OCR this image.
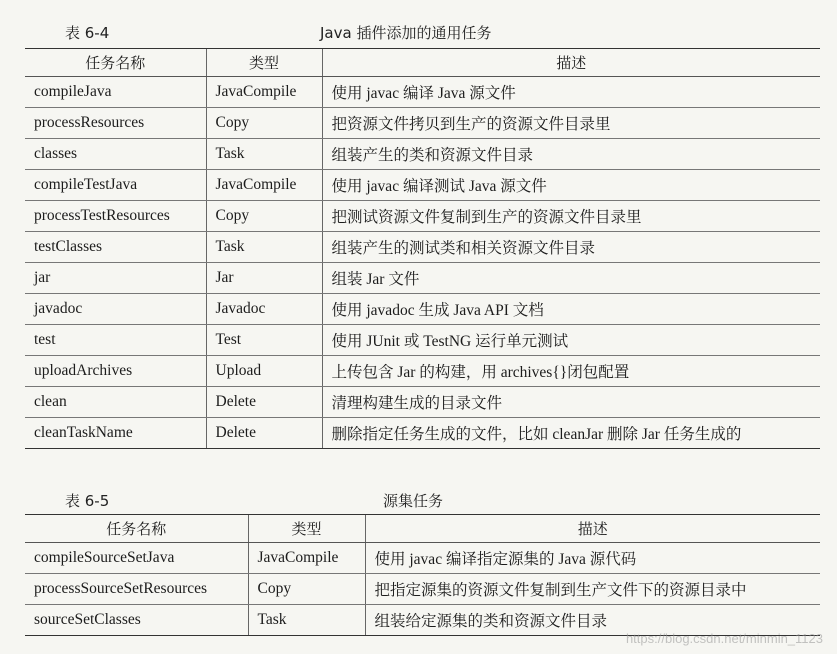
表 6-4	Java 插件添加的通用任务
任务名称	类型	描述
compileJava	JavaCompile	使用 javac 编译 Java 源文件
processResources	Copy	把资源文件拷贝到生产的资源文件目录里
classes	Task	组装产生的类和资源文件目录
compileTestJava	JavaCompile	使用 javac 编译测试 Java 源文件
processTestResources	Copy	把测试资源文件复制到生产的资源文件目录里
testClasses	Task	组装产生的测试类和相关资源文件目录
jar	Jar	组装 Jar 文件
javadoc	Javadoc	使用 javadoc 生成 Java API 文档
test	Test	使用 JUnit 或 TestNG 运行单元测试
uploadArchives	Upload	上传包含 Jar 的构建，用 archives{}闭包配置
clean	Delete	清理构建生成的目录文件
cleanTaskName	Delete	删除指定任务生成的文件，比如 cleanJar 删除 Jar 任务生成的
表 6-5	源集任务
任务名称	类型	描述
compileSourceSetJava	JavaCompile	使用 javac 编译指定源集的 Java 源代码
processSourceSetResources	Copy	把指定源集的资源文件复制到生产文件下的资源目录中
sourceSetClasses	Task	组装给定源集的类和资源文件目录
https://blog.csdn.net/minmin_1123
